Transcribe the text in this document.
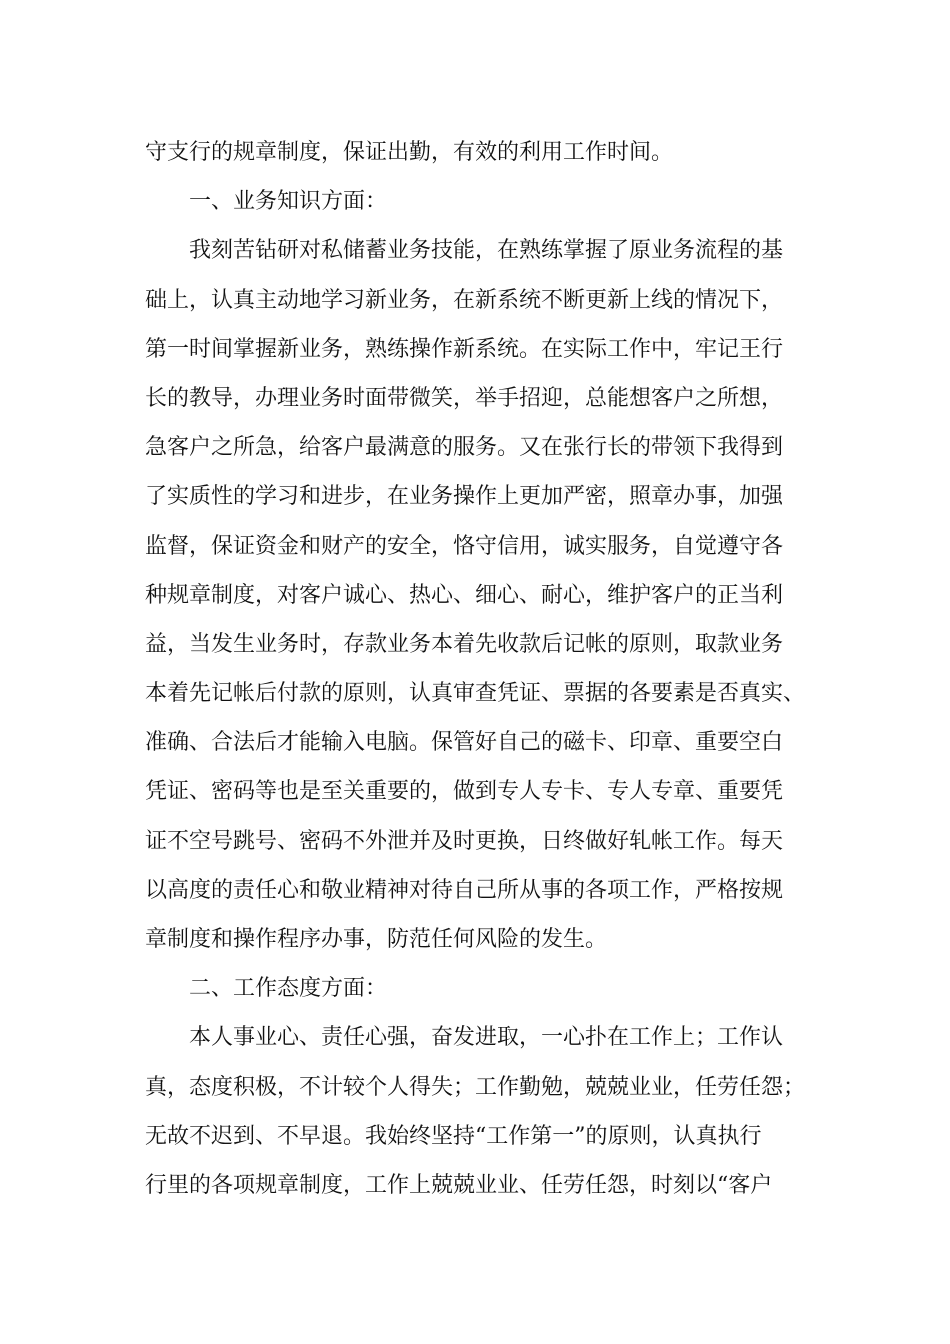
守支行的规章制度，保证出勤，有效的利用工作时间。
一、业务知识方面：
我刻苦钻研对私储蓄业务技能，在熟练掌握了原业务流程的基
础上，认真主动地学习新业务，在新系统不断更新上线的情况下，
第一时间掌握新业务，熟练操作新系统。在实际工作中，牢记王行
长的教导，办理业务时面带微笑，举手招迎，总能想客户之所想，
急客户之所急，给客户最满意的服务。又在张行长的带领下我得到
了实质性的学习和进步，在业务操作上更加严密，照章办事，加强
监督，保证资金和财产的安全，恪守信用，诚实服务，自觉遵守各
种规章制度，对客户诚心、热心、细心、耐心，维护客户的正当利
益，当发生业务时，存款业务本着先收款后记帐的原则，取款业务
本着先记帐后付款的原则，认真审查凭证、票据的各要素是否真实、
准确、合法后才能输入电脑。保管好自己的磁卡、印章、重要空白
凭证、密码等也是至关重要的，做到专人专卡、专人专章、重要凭
证不空号跳号、密码不外泄并及时更换，日终做好轧帐工作。每天
以高度的责任心和敬业精神对待自己所从事的各项工作，严格按规
章制度和操作程序办事，防范任何风险的发生。
二、工作态度方面：
本人事业心、责任心强，奋发进取，一心扑在工作上；工作认
真，态度积极，不计较个人得失；工作勤勉，兢兢业业，任劳任怨；
无故不迟到、不早退。我始终坚持“工作第一”的原则，认真执行
行里的各项规章制度，工作上兢兢业业、任劳任怨，时刻以“客户
